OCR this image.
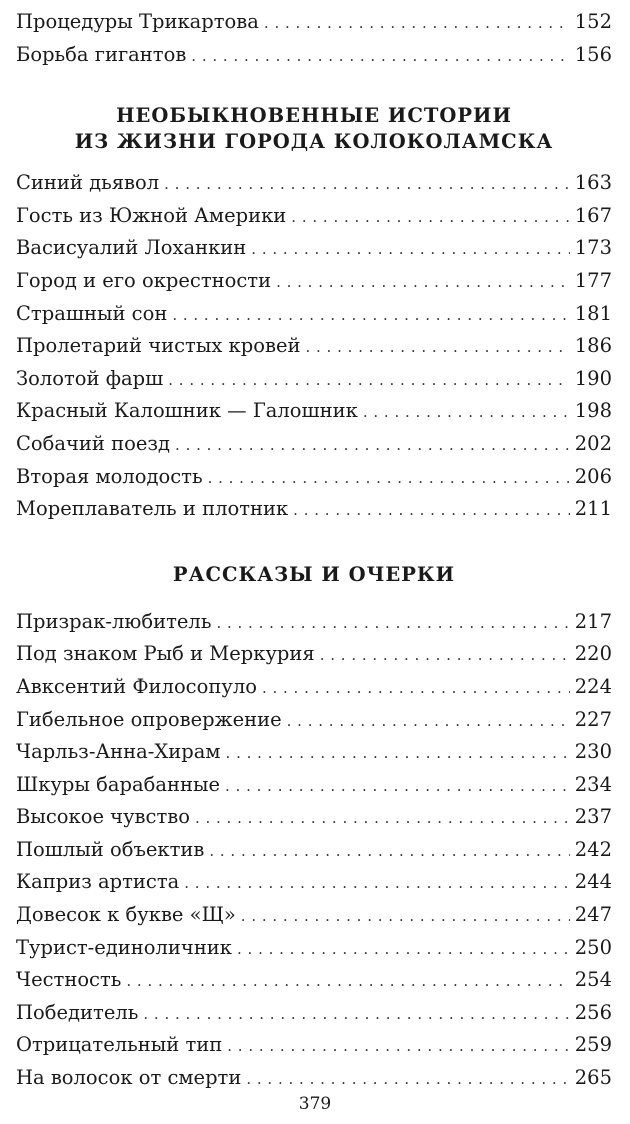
Процедуры Трикартова . . .	152
Борьба гигантов . . .	156
НЕОБЫКНОВЕННЫЕ ИСТОРИИ
ИЗ ЖИЗНИ ГОРОДА КОЛОКОЛАМСКА
Синий дьявол . . .	163
Гость из Южной Америки . . .	167
Васисуалий Лоханкин . . .	173
Город и его окрестности . . .	177
Страшный сон . . .	181
Пролетарий чистых кровей . . .	186
Золотой фарш . . .	190
Красный Калошник — Галошник . . .	198
Собачий поезд . . .	202
Вторая молодость . . .	206
Мореплаватель и плотник . . .	211
РАССКАЗЫ И ОЧЕРКИ
Призрак-любитель . . .	217
Под знаком Рыб и Меркурия . . .	220
Авксентий Филосопуло . . .	224
Гибельное опровержение . . .	227
Чарльз-Анна-Хирам . . .	230
Шкуры барабанные . . .	234
Высокое чувство . . .	237
Пошлый объектив . . .	242
Каприз артиста . . .	244
Довесок к букве «Щ» . . .	247
Турист-единоличник . . .	250
Честность . . .	254
Победитель . . .	256
Отрицательный тип . . .	259
На волосок от смерти . . .	265
379
